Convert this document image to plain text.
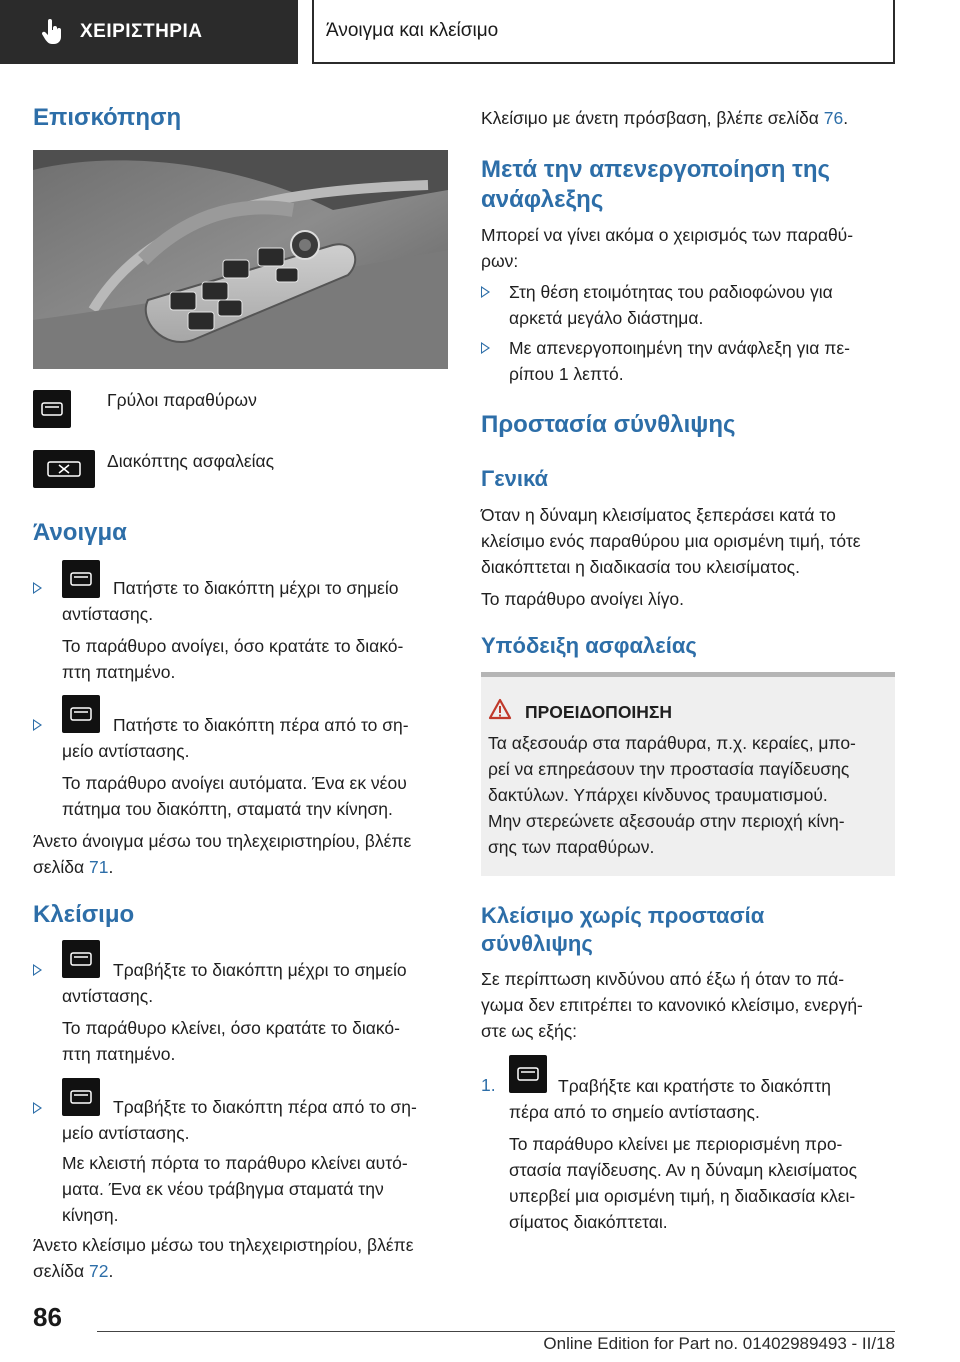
ΧΕΙΡΙΣΤΗΡΙΑ	Άνοιγμα και κλείσιμο
Επισκόπηση
Γρύλοι παραθύρων
Διακόπτης ασφαλείας
Άνοιγμα
Πατήστε το διακόπτη μέχρι το σημείο
αντίστασης.
Το παράθυρο ανοίγει, όσο κρατάτε το διακό-
πτη πατημένο.
Πατήστε το διακόπτη πέρα από το ση-
μείο αντίστασης.
Το παράθυρο ανοίγει αυτόματα. Ένα εκ νέου
πάτημα του διακόπτη, σταματά την κίνηση.
Άνετο άνοιγμα μέσω του τηλεχειριστηρίου, βλέπε
σελίδα 71.
Κλείσιμο
Τραβήξτε το διακόπτη μέχρι το σημείο
αντίστασης.
Το παράθυρο κλείνει, όσο κρατάτε το διακό-
πτη πατημένο.
Τραβήξτε το διακόπτη πέρα από το ση-
μείο αντίστασης.
Με κλειστή πόρτα το παράθυρο κλείνει αυτό-
ματα. Ένα εκ νέου τράβηγμα σταματά την
κίνηση.
Άνετο κλείσιμο μέσω του τηλεχειριστηρίου, βλέπε
σελίδα 72.
Κλείσιμο με άνετη πρόσβαση, βλέπε σελίδα 76.
Μετά την απενεργοποίηση της
ανάφλεξης
Μπορεί να γίνει ακόμα ο χειρισμός των παραθύ-
ρων:
Στη θέση ετοιμότητας του ραδιοφώνου για
αρκετά μεγάλο διάστημα.
Με απενεργοποιημένη την ανάφλεξη για πε-
ρίπου 1 λεπτό.
Προστασία σύνθλιψης
Γενικά
Όταν η δύναμη κλεισίματος ξεπεράσει κατά το
κλείσιμο ενός παραθύρου μια ορισμένη τιμή, τότε
διακόπτεται η διαδικασία του κλεισίματος.
Το παράθυρο ανοίγει λίγο.
Υπόδειξη ασφαλείας
ΠΡΟΕΙΔΟΠΟΙΗΣΗ
Τα αξεσουάρ στα παράθυρα, π.χ. κεραίες, μπο-
ρεί να επηρεάσουν την προστασία παγίδευσης
δακτύλων. Υπάρχει κίνδυνος τραυματισμού.
Μην στερεώνετε αξεσουάρ στην περιοχή κίνη-
σης των παραθύρων.
Κλείσιμο χωρίς προστασία
σύνθλιψης
Σε περίπτωση κινδύνου από έξω ή όταν το πά-
γωμα δεν επιτρέπει το κανονικό κλείσιμο, ενεργή-
στε ως εξής:
1.	Τραβήξτε και κρατήστε το διακόπτη
πέρα από το σημείο αντίστασης.
Το παράθυρο κλείνει με περιορισμένη προ-
στασία παγίδευσης. Αν η δύναμη κλεισίματος
υπερβεί μια ορισμένη τιμή, η διαδικασία κλει-
σίματος διακόπτεται.
86
Online Edition for Part no. 01402989493 - II/18
